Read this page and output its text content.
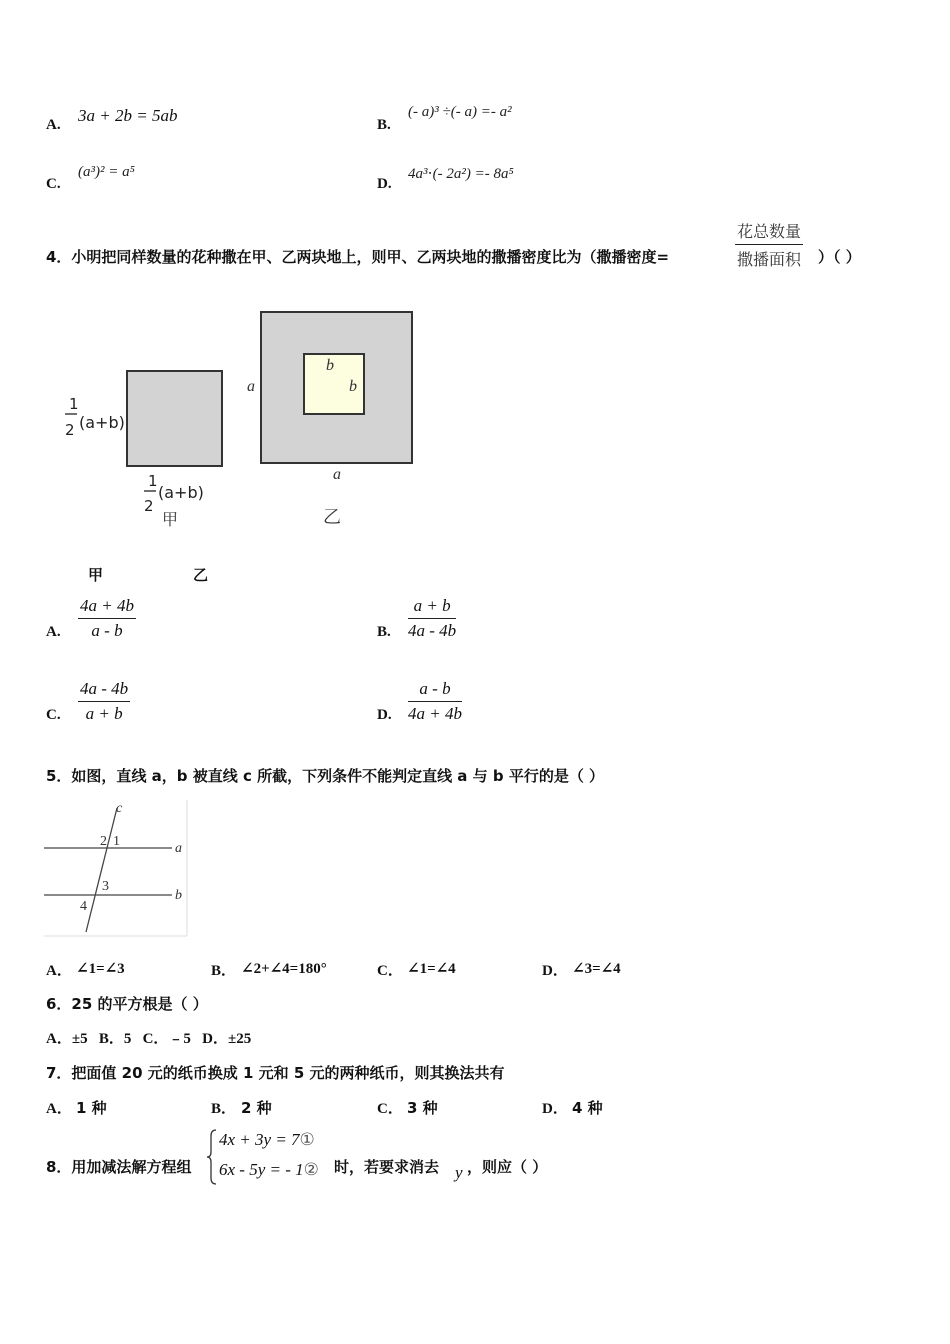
A. 3a + 2b = 5ab	B.
(- a)³ ÷(- a) =- a²
C.
(a³)² = a⁵
D.
4a³⋅(- 2a²) =- 8a⁵
4．小明把同样数量的花种撒在甲、乙两块地上，则甲、乙两块地的撒播密度比为（撒播密度=
花总数量
撒播面积 ）（ ）
1
2 (a+b)
1
2
(a+b)
甲
a
a
b
b
乙
甲	乙
A. $\frac{4a + 4b}{a - b}$	B. $\frac{a + b}{4a - 4b}$
C. $\frac{4a - 4b}{a + b}$	D. $\frac{a - b}{4a + 4b}$
5．如图，直线 a，b 被直线 c 所截，下列条件不能判定直线 a 与 b 平行的是（ ）
c
a
b
2 1
3
4
A． ∠1=∠3	B． ∠2+∠4=180°	C． ∠1=∠4	D． ∠3=∠4
6．25 的平方根是（ ）
A．±5   B．5   C．﹣5   D．±25
7．把面值 20 元的纸币换成 1 元和 5 元的两种纸币，则其换法共有
A． 1 种	B． 2 种	C． 3 种	D． 4 种
8．用加减法解方程组
4x + 3y = 7①
6x - 5y = - 1② 时，若要求消去 y ，则应（ ）
